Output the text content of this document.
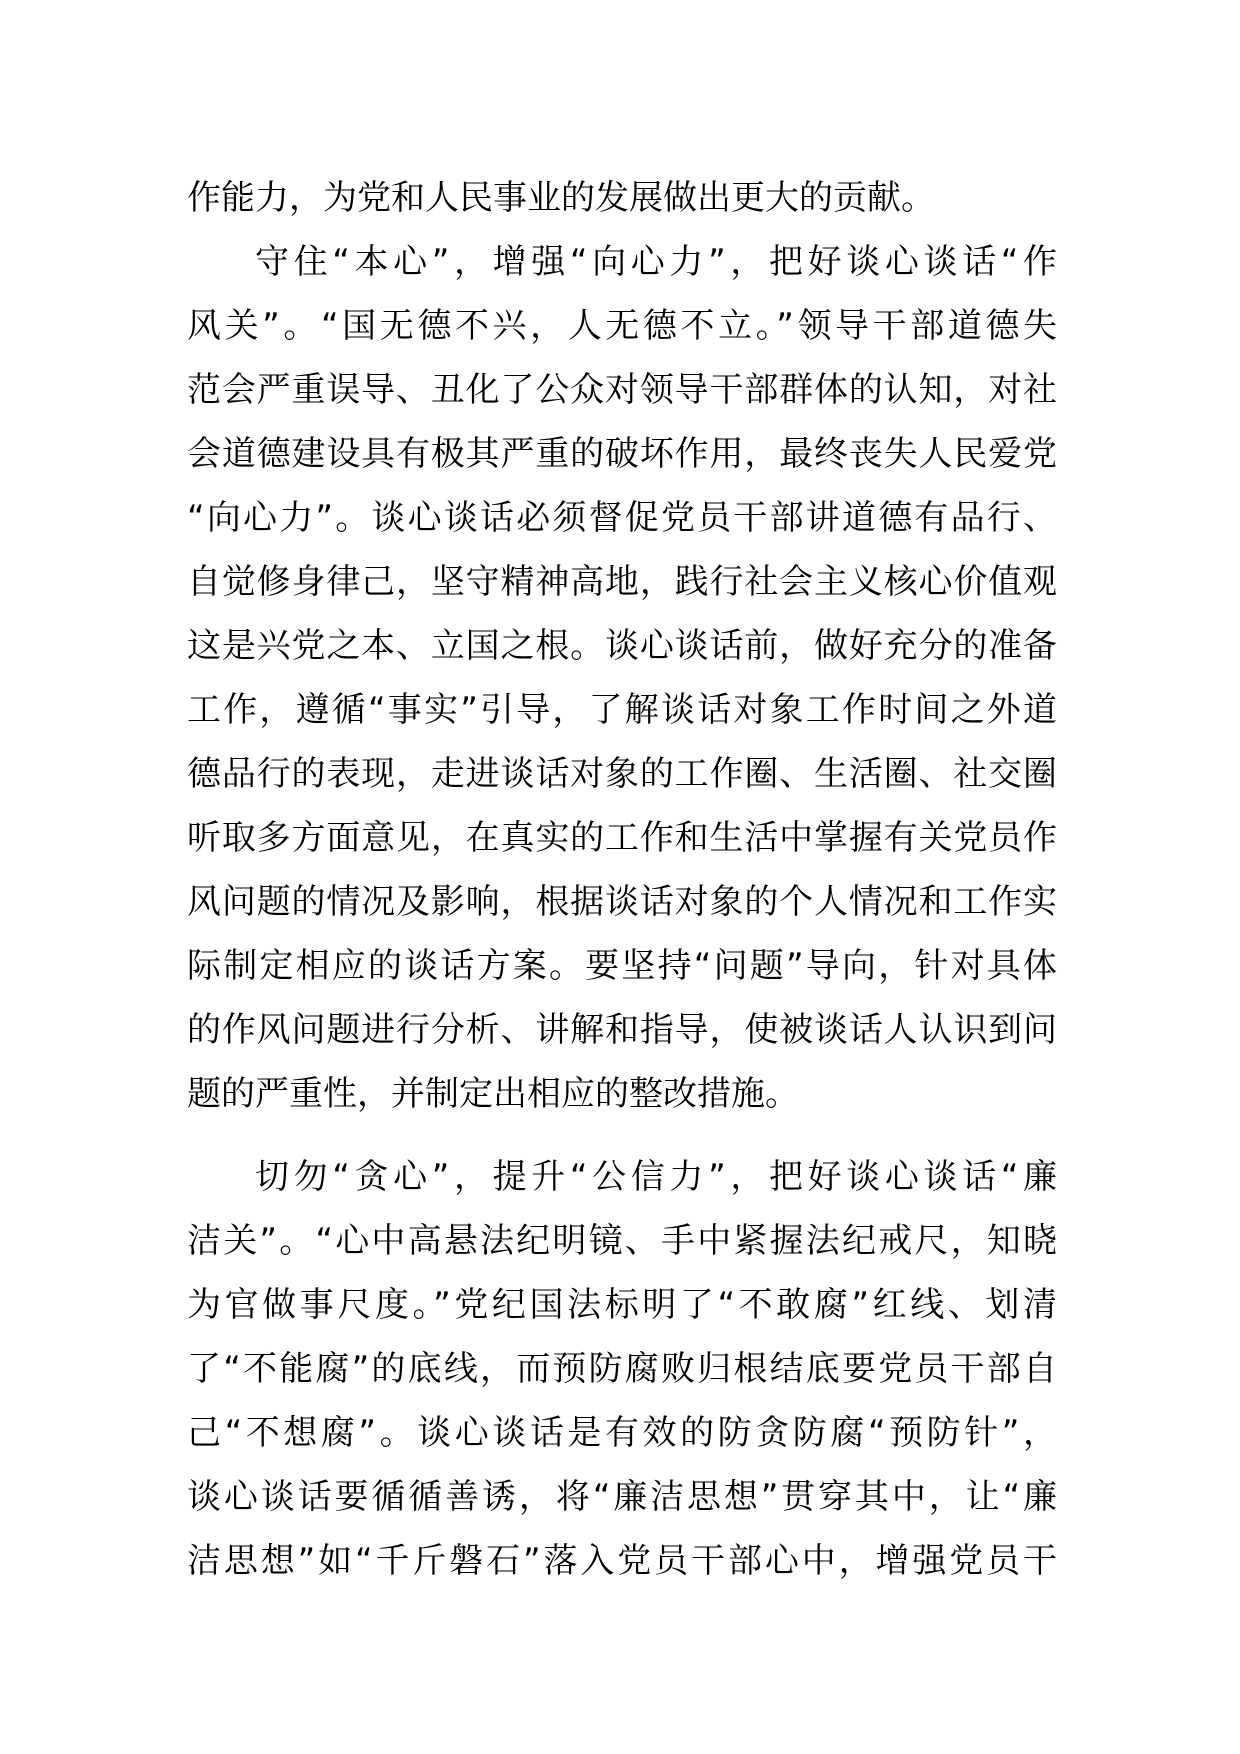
作能力，为党和人民事业的发展做出更大的贡献。
守住“本心”，增强“向心力”，把好谈心谈话“作
风关”。“国无德不兴，人无德不立。”领导干部道德失
范会严重误导、丑化了公众对领导干部群体的认知，对社
会道德建设具有极其严重的破坏作用，最终丧失人民爱党
“向心力”。谈心谈话必须督促党员干部讲道德有品行、
自觉修身律己，坚守精神高地，践行社会主义核心价值观
这是兴党之本、立国之根。谈心谈话前，做好充分的准备
工作，遵循“事实”引导，了解谈话对象工作时间之外道
德品行的表现，走进谈话对象的工作圈、生活圈、社交圈
听取多方面意见，在真实的工作和生活中掌握有关党员作
风问题的情况及影响，根据谈话对象的个人情况和工作实
际制定相应的谈话方案。要坚持“问题”导向，针对具体
的作风问题进行分析、讲解和指导，使被谈话人认识到问
题的严重性，并制定出相应的整改措施。
切勿“贪心”，提升“公信力”，把好谈心谈话“廉
洁关”。“心中高悬法纪明镜、手中紧握法纪戒尺，知晓
为官做事尺度。”党纪国法标明了“不敢腐”红线、划清
了“不能腐”的底线，而预防腐败归根结底要党员干部自
己“不想腐”。谈心谈话是有效的防贪防腐“预防针”，
谈心谈话要循循善诱，将“廉洁思想”贯穿其中，让“廉
洁思想”如“千斤磐石”落入党员干部心中，增强党员干
